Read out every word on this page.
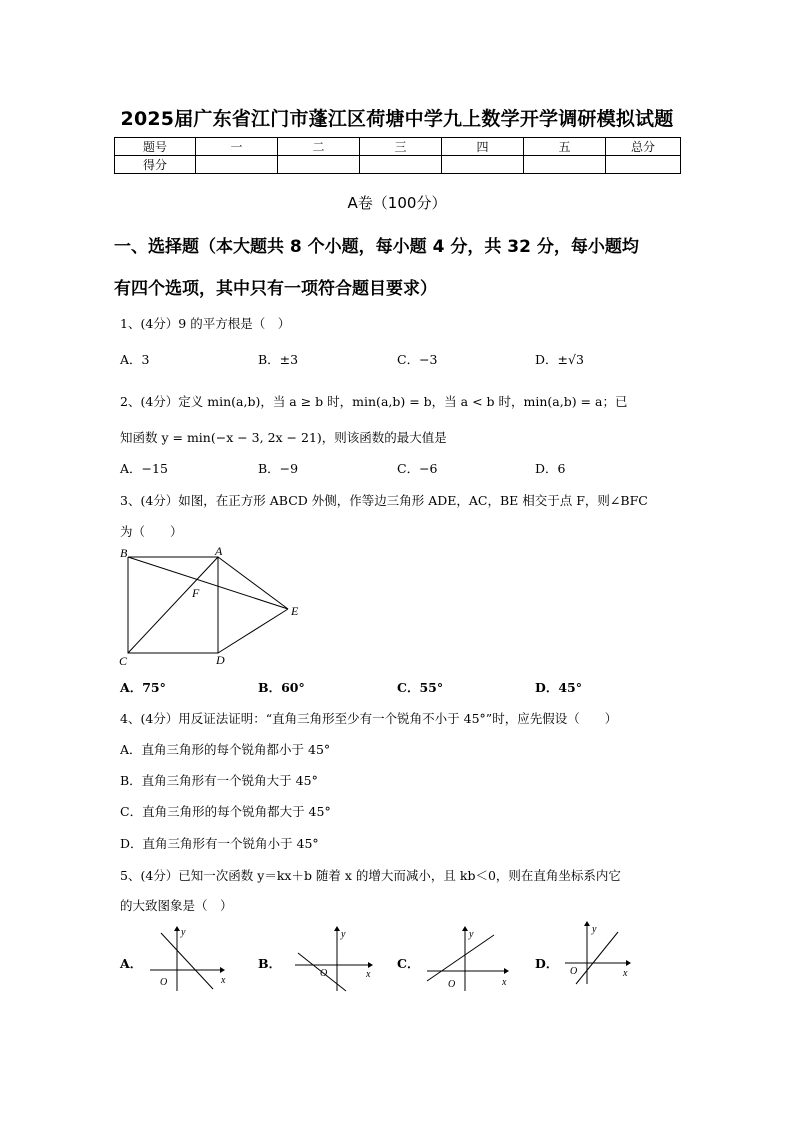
2025届广东省江门市蓬江区荷塘中学九上数学开学调研模拟试题
题号	一	二	三	四	五	总分
得分						
A卷（100分）
一、选择题（本大题共 8 个小题，每小题 4 分，共 32 分，每小题均
有四个选项，其中只有一项符合题目要求）
1、(4分）9 的平方根是（　）
A．3	B．±3	C．−3	D．±√3
2、(4分）定义 min(a,b)，当 a ≥ b 时，min(a,b) = b，当 a < b 时，min(a,b) = a；已
知函数 y = min(−x − 3, 2x − 21)，则该函数的最大值是
A．−15	B．−9	C．−6	D．6
3、(4分）如图，在正方形 ABCD 外侧，作等边三角形 ADE，AC，BE 相交于点 F，则∠BFC
为（　　）
B	A
F
E
C	D
A．75°	B．60°	C．55°	D．45°
4、(4分）用反证法证明：“直角三角形至少有一个锐角不小于 45°”时，应先假设（　　）
A．直角三角形的每个锐角都小于 45°
B．直角三角形有一个锐角大于 45°
C．直角三角形的每个锐角都大于 45°
D．直角三角形有一个锐角小于 45°
5、(4分）已知一次函数 y＝kx＋b 随着 x 的增大而减小，且 kb＜0，则在直角坐标系内它
的大致图象是（　）
A．
x
y
O
B．
x
y
O
C．
x
y
O
D．
x
y
O
